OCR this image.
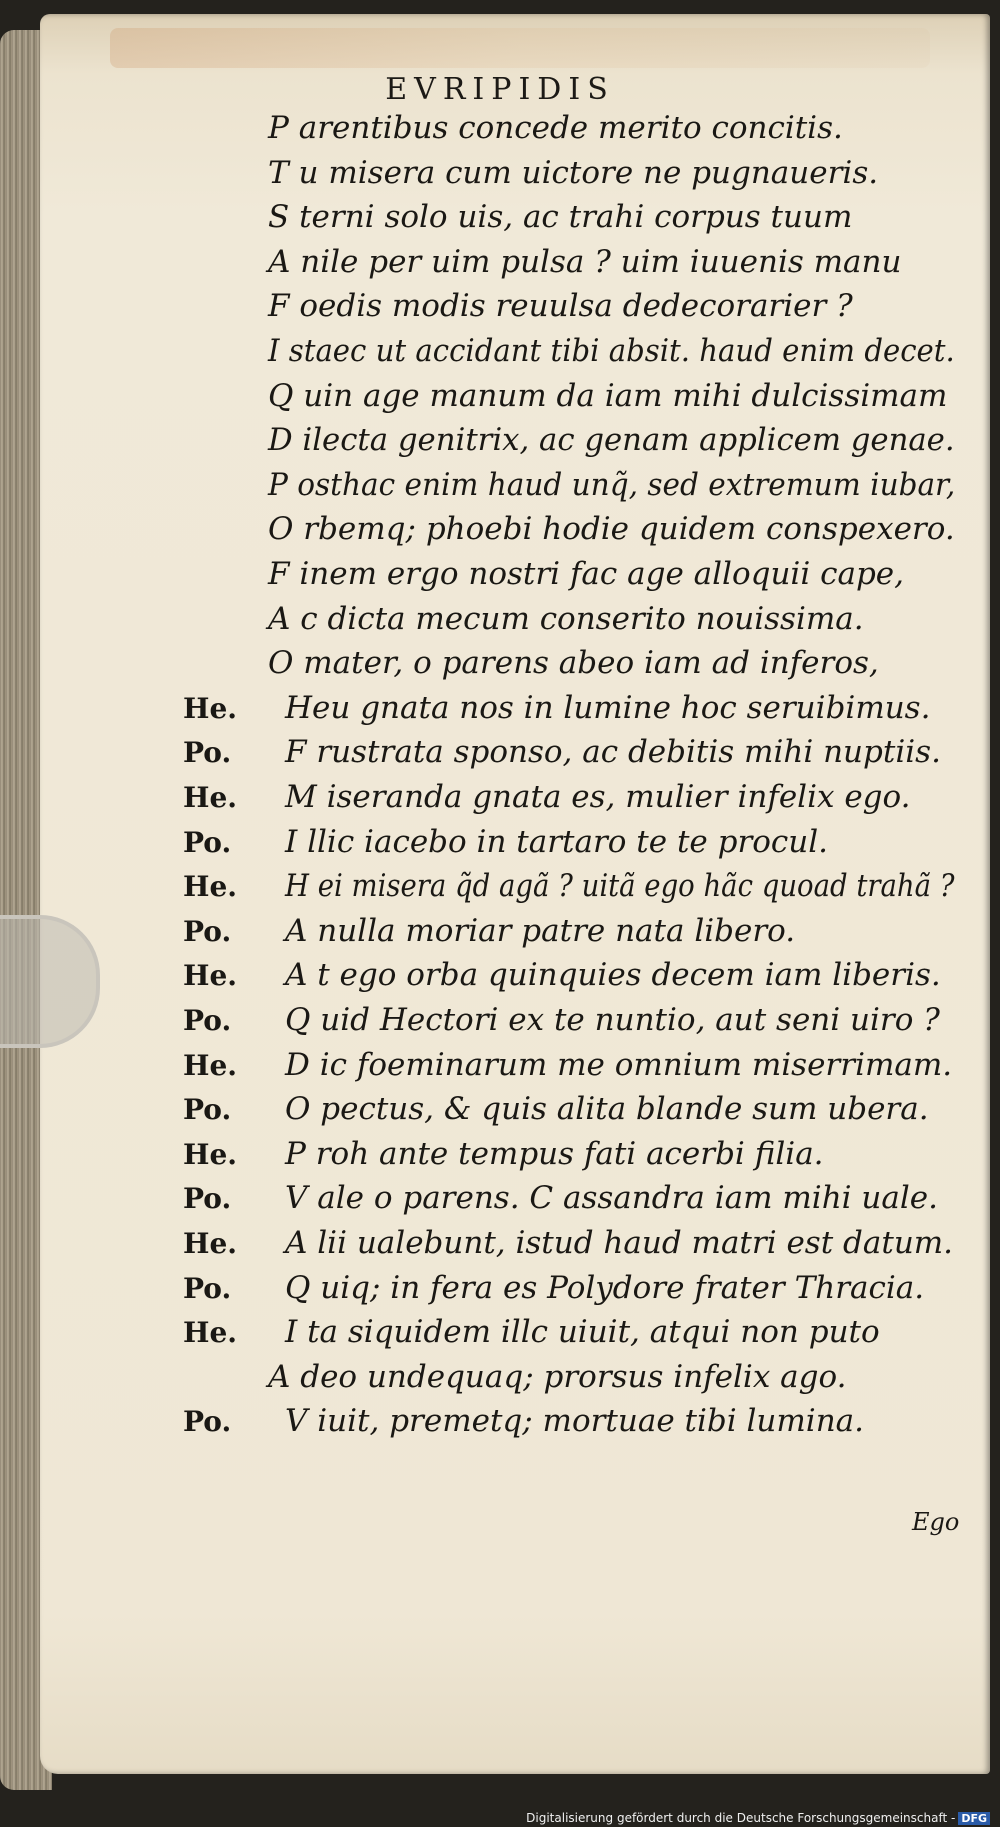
EVRIPIDIS
P arentibus concede merito concitis.
T u misera cum uictore ne pugnaueris.
S terni solo uis, ac trahi corpus tuum
A nile per uim pulsa ? uim iuuenis manu
F oedis modis reuulsa dedecorarier ?
I staec ut accidant tibi absit. haud enim decet.
Q uin age manum da iam mihi dulcissimam
D ilecta genitrix, ac genam applicem genae.
P osthac enim haud unq̃, sed extremum iubar,
O rbemq; phoebi hodie quidem conspexero.
F inem ergo nostri fac age alloquii cape,
A c dicta mecum conserito nouissima.
O mater, o parens abeo iam ad inferos,
He. Heu gnata nos in lumine hoc seruibimus.
Po. F rustrata sponso, ac debitis mihi nuptiis.
He. M iseranda gnata es, mulier infelix ego.
Po. I llic iacebo in tartaro te te procul.
He. H ei misera q̃d agã ? uitã ego hãc quoad trahã ?
Po. A nulla moriar patre nata libero.
He. A t ego orba quinquies decem iam liberis.
Po. Q uid Hectori ex te nuntio, aut seni uiro ?
He. D ic foeminarum me omnium miserrimam.
Po. O pectus, & quis alita blande sum ubera.
He. P roh ante tempus fati acerbi filia.
Po. V ale o parens. C assandra iam mihi uale.
He. A lii ualebunt, istud haud matri est datum.
Po. Q uiq; in fera es Polydore frater Thracia.
He. I ta siquidem illc uiuit, atqui non puto
A deo undequaq; prorsus infelix ago.
Po. V iuit, premetq; mortuae tibi lumina.
Ego
Digitalisierung gefördert durch die Deutsche Forschungsgemeinschaft - DFG
